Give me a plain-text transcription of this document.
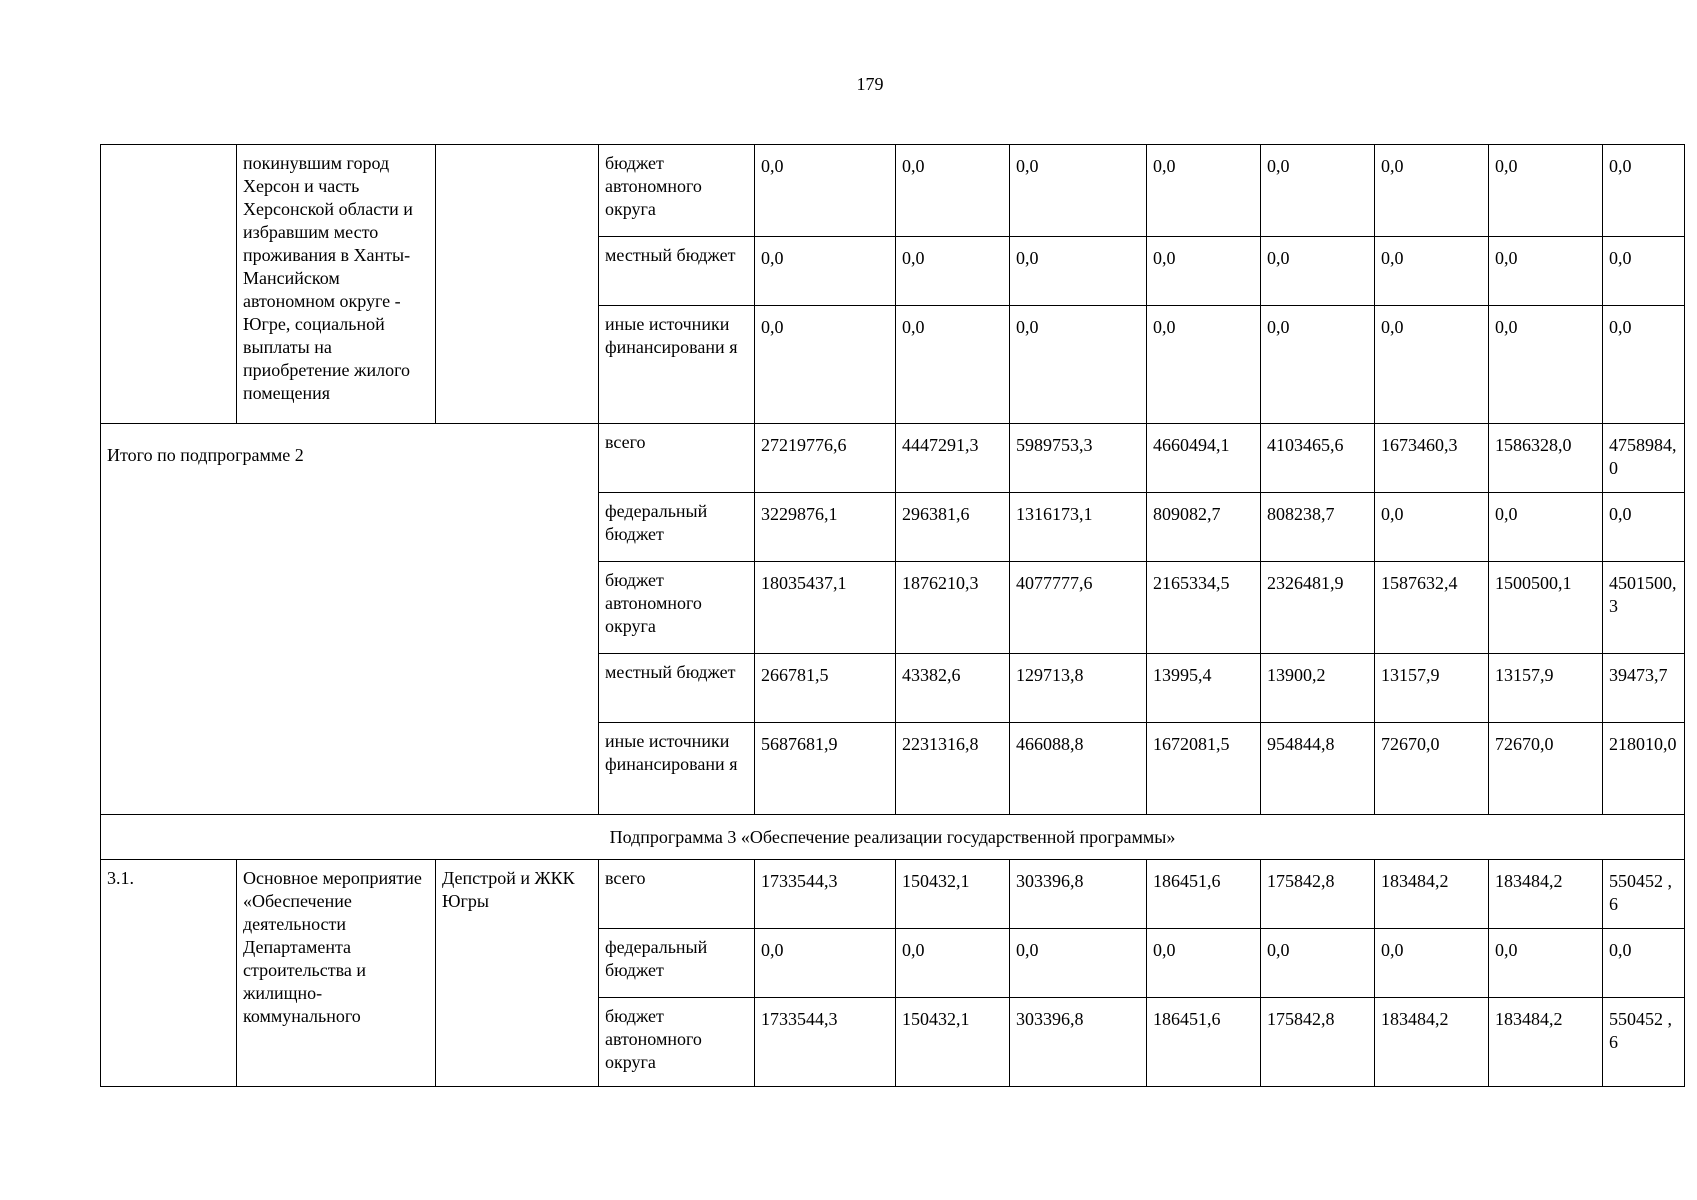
179
	покинувшим город Херсон и часть Херсонской области и избравшим место проживания в Ханты-Мансийском автономном округе - Югре, социальной выплаты на приобретение жилого помещения		бюджет автономного округа	0,0	0,0	0,0	0,0	0,0	0,0	0,0	0,0
			местный бюджет	0,0	0,0	0,0	0,0	0,0	0,0	0,0	0,0
			иные источники финансировани я	0,0	0,0	0,0	0,0	0,0	0,0	0,0	0,0
Итого по подпрограмме 2			всего	27219776,6	4447291,3	5989753,3	4660494,1	4103465,6	1673460,3	1586328,0	4758984, 0
			федеральный бюджет	3229876,1	296381,6	1316173,1	809082,7	808238,7	0,0	0,0	0,0
			бюджет автономного округа	18035437,1	1876210,3	4077777,6	2165334,5	2326481,9	1587632,4	1500500,1	4501500, 3
			местный бюджет	266781,5	43382,6	129713,8	13995,4	13900,2	13157,9	13157,9	39473,7
			иные источники финансировани я	5687681,9	2231316,8	466088,8	1672081,5	954844,8	72670,0	72670,0	218010,0
Подпрограмма 3 «Обеспечение реализации государственной программы»											
3.1.	Основное мероприятие «Обеспечение деятельности Департамента строительства и жилищно-коммунального	Депстрой и ЖКК Югры	всего	1733544,3	150432,1	303396,8	186451,6	175842,8	183484,2	183484,2	550452 ,6
			федеральный бюджет	0,0	0,0	0,0	0,0	0,0	0,0	0,0	0,0
			бюджет автономного округа	1733544,3	150432,1	303396,8	186451,6	175842,8	183484,2	183484,2	550452 ,6
